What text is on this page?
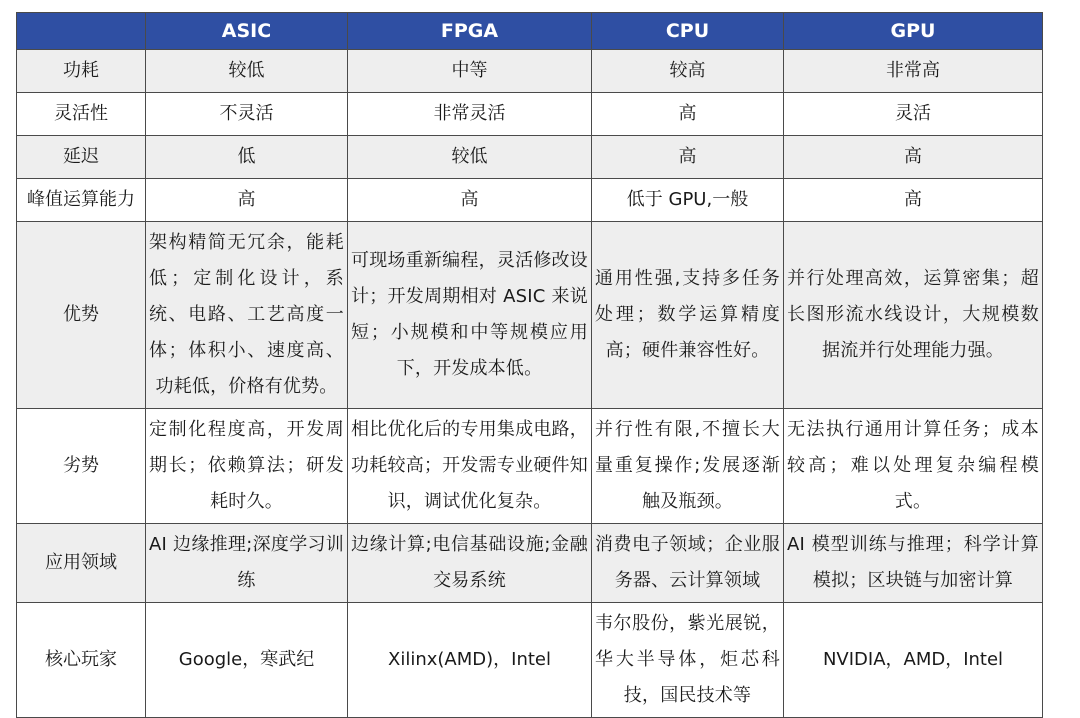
	ASIC	FPGA	CPU	GPU
功耗	较低	中等	较高	非常高
灵活性	不灵活	非常灵活	高	灵活
延迟	低	较低	高	高
峰值运算能力	高	高	低于 GPU,一般	高
优势	架构精简无冗余，能耗低；定制化设计，系统、电路、工艺高度一体；体积小、速度高、功耗低，价格有优势。	可现场重新编程，灵活修改设计；开发周期相对 ASIC 来说短；小规模和中等规模应用下，开发成本低。	通用性强,支持多任务处理；数学运算精度高；硬件兼容性好。	并行处理高效，运算密集；超长图形流水线设计，大规模数据流并行处理能力强。
劣势	定制化程度高，开发周期长；依赖算法；研发耗时久。	相比优化后的专用集成电路，功耗较高；开发需专业硬件知识，调试优化复杂。	并行性有限,不擅长大量重复操作;发展逐渐触及瓶颈。	无法执行通用计算任务；成本较高；难以处理复杂编程模式。
应用领域	AI 边缘推理;深度学习训练	边缘计算;电信基础设施;金融交易系统	消费电子领域；企业服务器、云计算领域	AI 模型训练与推理；科学计算模拟；区块链与加密计算
核心玩家	Google，寒武纪	Xilinx(AMD)，Intel	韦尔股份，紫光展锐，华大半导体，炬芯科技，国民技术等	NVIDIA，AMD，Intel
